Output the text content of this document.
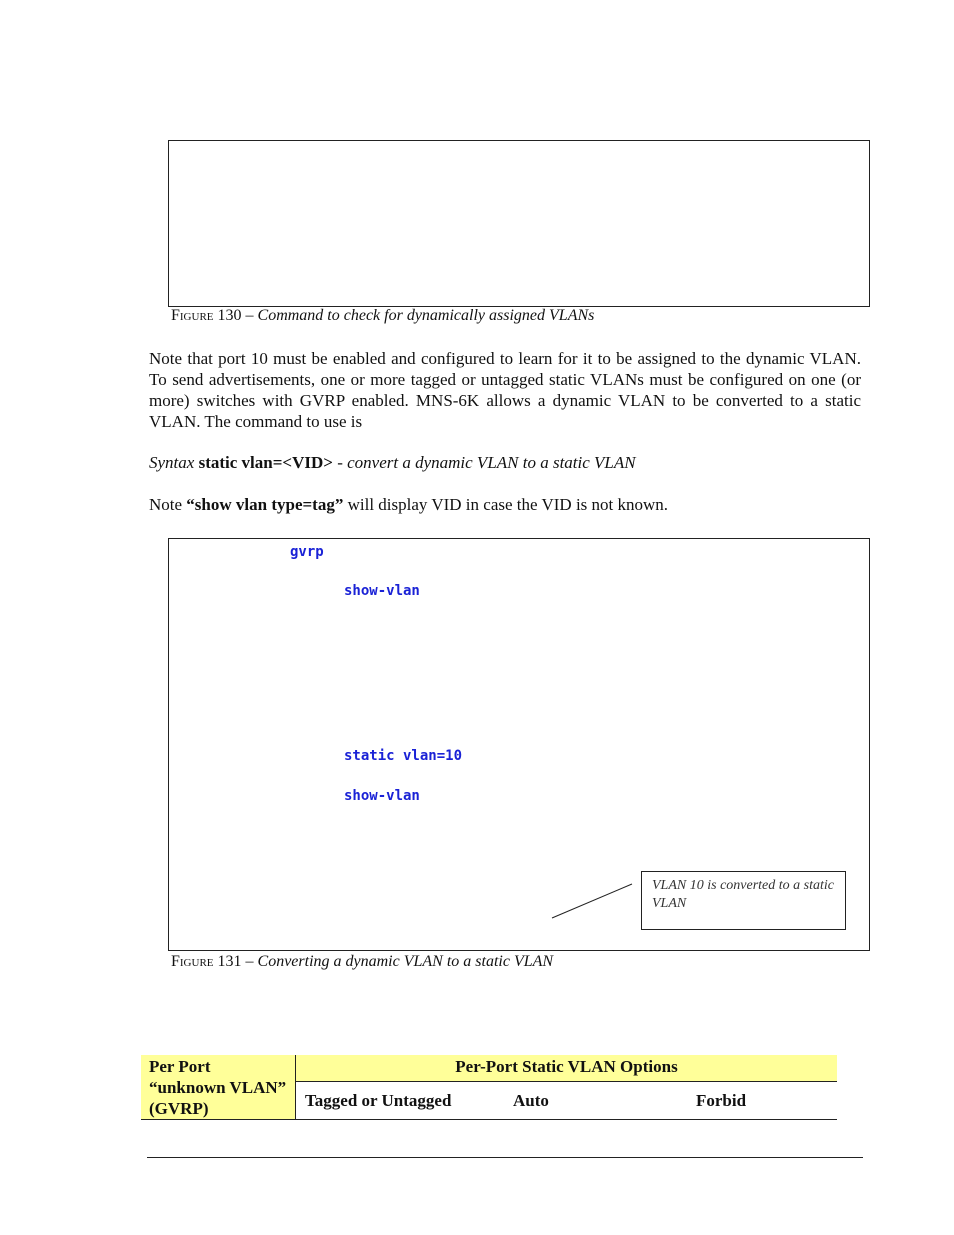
Figure 130 – Command to check for dynamically assigned VLANs
Note that port 10 must be enabled and configured to learn for it to be assigned to the dynamic VLAN. To send advertisements, one or more tagged or untagged static VLANs must be configured on one (or more) switches with GVRP enabled. MNS-6K allows a dynamic VLAN to be converted to a static VLAN. The command to use is
Syntax static vlan=<VID> - convert a dynamic VLAN to a static VLAN
Note “show vlan type=tag” will display VID in case the VID is not known.
gvrp
show-vlan
static vlan=10
show-vlan
VLAN 10 is converted to a static VLAN
Figure 131 – Converting a dynamic VLAN to a static VLAN
Per Port “unknown VLAN” (GVRP)
Per-Port Static VLAN Options
Tagged or Untagged	Auto	Forbid
